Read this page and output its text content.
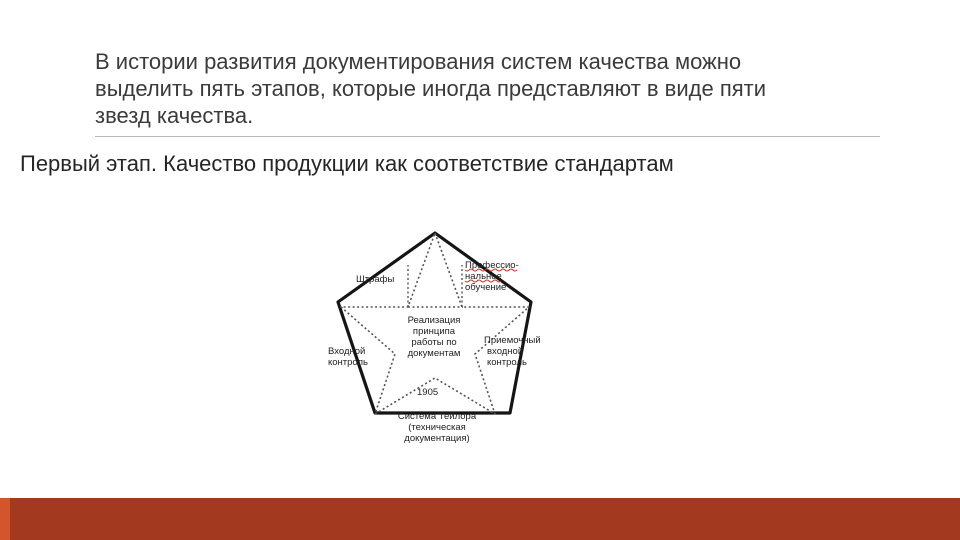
В истории развития документирования систем качества можно
выделить пять этапов, которые иногда представляют в виде пяти
звезд качества.
Первый этап. Качество продукции как соответствие стандартам
Штрафы
Профессио-
нальное
обучение
Реализация
принципа
работы по
документам
Входной
контроль
Приемочный
входной
контроль
1905
Система Тейлора
(техническая
документация)
